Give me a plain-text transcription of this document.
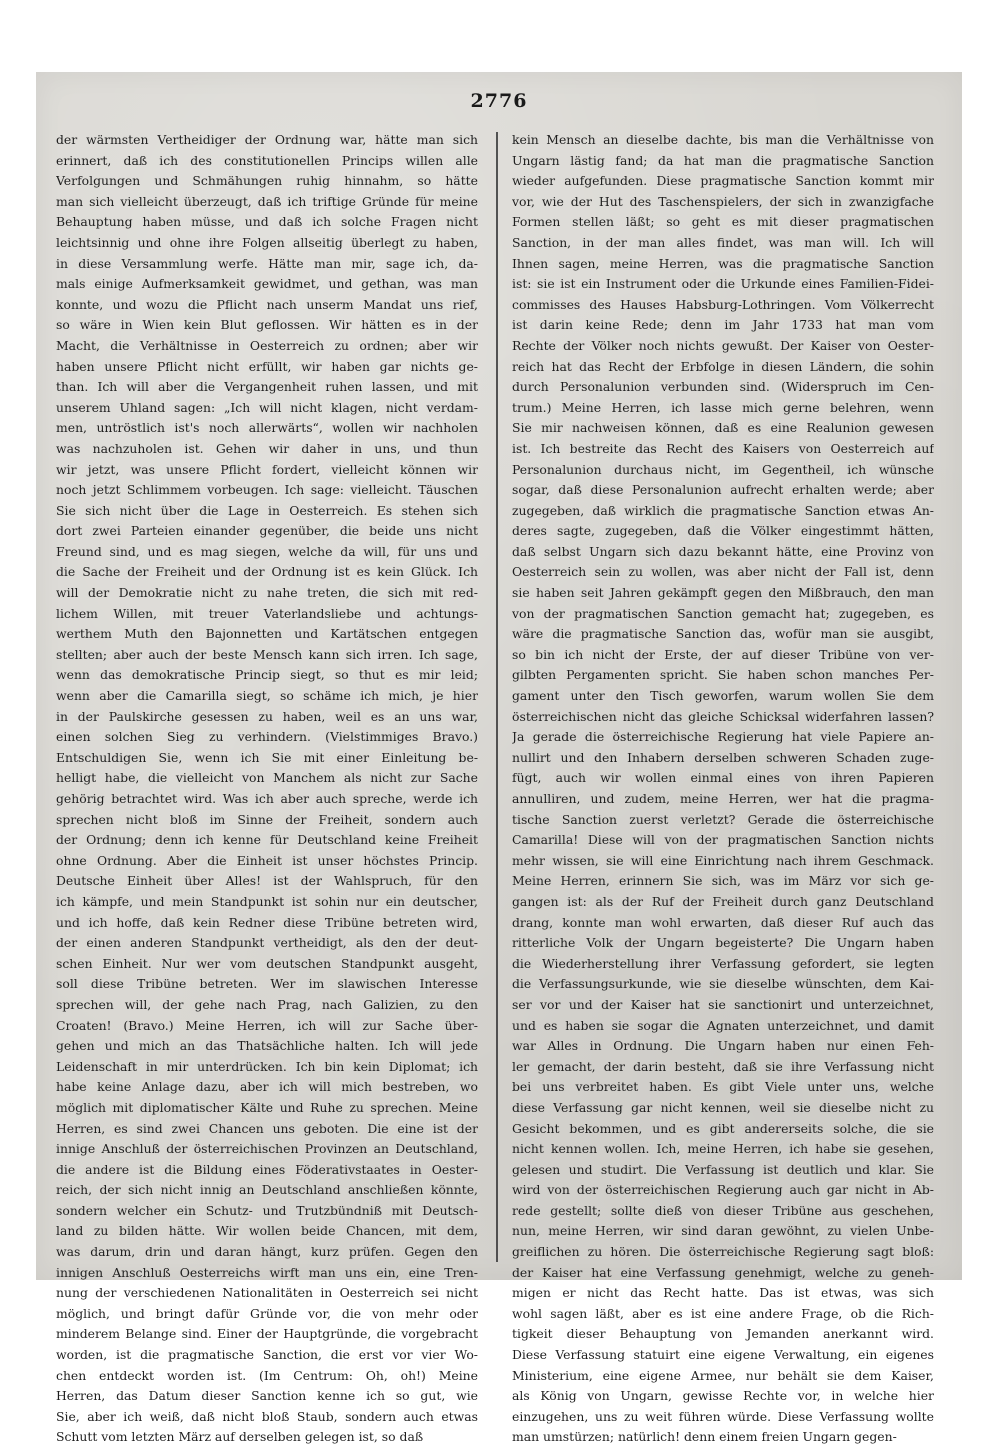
2776
der wärmsten Vertheidiger der Ordnung war, hätte man sich
erinnert, daß ich des constitutionellen Princips willen alle
Verfolgungen und Schmähungen ruhig hinnahm, so hätte
man sich vielleicht überzeugt, daß ich triftige Gründe für meine
Behauptung haben müsse, und daß ich solche Fragen nicht
leichtsinnig und ohne ihre Folgen allseitig überlegt zu haben,
in diese Versammlung werfe. Hätte man mir, sage ich, da-
mals einige Aufmerksamkeit gewidmet, und gethan, was man
konnte, und wozu die Pflicht nach unserm Mandat uns rief,
so wäre in Wien kein Blut geflossen. Wir hätten es in der
Macht, die Verhältnisse in Oesterreich zu ordnen; aber wir
haben unsere Pflicht nicht erfüllt, wir haben gar nichts ge-
than. Ich will aber die Vergangenheit ruhen lassen, und mit
unserem Uhland sagen: „Ich will nicht klagen, nicht verdam-
men, untröstlich ist's noch allerwärts“, wollen wir nachholen
was nachzuholen ist. Gehen wir daher in uns, und thun
wir jetzt, was unsere Pflicht fordert, vielleicht können wir
noch jetzt Schlimmem vorbeugen. Ich sage: vielleicht. Täuschen
Sie sich nicht über die Lage in Oesterreich. Es stehen sich
dort zwei Parteien einander gegenüber, die beide uns nicht
Freund sind, und es mag siegen, welche da will, für uns und
die Sache der Freiheit und der Ordnung ist es kein Glück. Ich
will der Demokratie nicht zu nahe treten, die sich mit red-
lichem Willen, mit treuer Vaterlandsliebe und achtungs-
werthem Muth den Bajonnetten und Kartätschen entgegen
stellten; aber auch der beste Mensch kann sich irren. Ich sage,
wenn das demokratische Princip siegt, so thut es mir leid;
wenn aber die Camarilla siegt, so schäme ich mich, je hier
in der Paulskirche gesessen zu haben, weil es an uns war,
einen solchen Sieg zu verhindern. (Vielstimmiges Bravo.)
Entschuldigen Sie, wenn ich Sie mit einer Einleitung be-
helligt habe, die vielleicht von Manchem als nicht zur Sache
gehörig betrachtet wird. Was ich aber auch spreche, werde ich
sprechen nicht bloß im Sinne der Freiheit, sondern auch
der Ordnung; denn ich kenne für Deutschland keine Freiheit
ohne Ordnung. Aber die Einheit ist unser höchstes Princip.
Deutsche Einheit über Alles! ist der Wahlspruch, für den
ich kämpfe, und mein Standpunkt ist sohin nur ein deutscher,
und ich hoffe, daß kein Redner diese Tribüne betreten wird,
der einen anderen Standpunkt vertheidigt, als den der deut-
schen Einheit. Nur wer vom deutschen Standpunkt ausgeht,
soll diese Tribüne betreten. Wer im slawischen Interesse
sprechen will, der gehe nach Prag, nach Galizien, zu den
Croaten! (Bravo.) Meine Herren, ich will zur Sache über-
gehen und mich an das Thatsächliche halten. Ich will jede
Leidenschaft in mir unterdrücken. Ich bin kein Diplomat; ich
habe keine Anlage dazu, aber ich will mich bestreben, wo
möglich mit diplomatischer Kälte und Ruhe zu sprechen. Meine
Herren, es sind zwei Chancen uns geboten. Die eine ist der
innige Anschluß der österreichischen Provinzen an Deutschland,
die andere ist die Bildung eines Föderativstaates in Oester-
reich, der sich nicht innig an Deutschland anschließen könnte,
sondern welcher ein Schutz- und Trutzbündniß mit Deutsch-
land zu bilden hätte. Wir wollen beide Chancen, mit dem,
was darum, drin und daran hängt, kurz prüfen. Gegen den
innigen Anschluß Oesterreichs wirft man uns ein, eine Tren-
nung der verschiedenen Nationalitäten in Oesterreich sei nicht
möglich, und bringt dafür Gründe vor, die von mehr oder
minderem Belange sind. Einer der Hauptgründe, die vorgebracht
worden, ist die pragmatische Sanction, die erst vor vier Wo-
chen entdeckt worden ist. (Im Centrum: Oh, oh!) Meine
Herren, das Datum dieser Sanction kenne ich so gut, wie
Sie, aber ich weiß, daß nicht bloß Staub, sondern auch etwas
Schutt vom letzten März auf derselben gelegen ist, so daß
kein Mensch an dieselbe dachte, bis man die Verhältnisse von
Ungarn lästig fand; da hat man die pragmatische Sanction
wieder aufgefunden. Diese pragmatische Sanction kommt mir
vor, wie der Hut des Taschenspielers, der sich in zwanzigfache
Formen stellen läßt; so geht es mit dieser pragmatischen
Sanction, in der man alles findet, was man will. Ich will
Ihnen sagen, meine Herren, was die pragmatische Sanction
ist: sie ist ein Instrument oder die Urkunde eines Familien-Fidei-
commisses des Hauses Habsburg-Lothringen. Vom Völkerrecht
ist darin keine Rede; denn im Jahr 1733 hat man vom
Rechte der Völker noch nichts gewußt. Der Kaiser von Oester-
reich hat das Recht der Erbfolge in diesen Ländern, die sohin
durch Personalunion verbunden sind. (Widerspruch im Cen-
trum.) Meine Herren, ich lasse mich gerne belehren, wenn
Sie mir nachweisen können, daß es eine Realunion gewesen
ist. Ich bestreite das Recht des Kaisers von Oesterreich auf
Personalunion durchaus nicht, im Gegentheil, ich wünsche
sogar, daß diese Personalunion aufrecht erhalten werde; aber
zugegeben, daß wirklich die pragmatische Sanction etwas An-
deres sagte, zugegeben, daß die Völker eingestimmt hätten,
daß selbst Ungarn sich dazu bekannt hätte, eine Provinz von
Oesterreich sein zu wollen, was aber nicht der Fall ist, denn
sie haben seit Jahren gekämpft gegen den Mißbrauch, den man
von der pragmatischen Sanction gemacht hat; zugegeben, es
wäre die pragmatische Sanction das, wofür man sie ausgibt,
so bin ich nicht der Erste, der auf dieser Tribüne von ver-
gilbten Pergamenten spricht. Sie haben schon manches Per-
gament unter den Tisch geworfen, warum wollen Sie dem
österreichischen nicht das gleiche Schicksal widerfahren lassen?
Ja gerade die österreichische Regierung hat viele Papiere an-
nullirt und den Inhabern derselben schweren Schaden zuge-
fügt, auch wir wollen einmal eines von ihren Papieren
annulliren, und zudem, meine Herren, wer hat die pragma-
tische Sanction zuerst verletzt? Gerade die österreichische
Camarilla! Diese will von der pragmatischen Sanction nichts
mehr wissen, sie will eine Einrichtung nach ihrem Geschmack.
Meine Herren, erinnern Sie sich, was im März vor sich ge-
gangen ist: als der Ruf der Freiheit durch ganz Deutschland
drang, konnte man wohl erwarten, daß dieser Ruf auch das
ritterliche Volk der Ungarn begeisterte? Die Ungarn haben
die Wiederherstellung ihrer Verfassung gefordert, sie legten
die Verfassungsurkunde, wie sie dieselbe wünschten, dem Kai-
ser vor und der Kaiser hat sie sanctionirt und unterzeichnet,
und es haben sie sogar die Agnaten unterzeichnet, und damit
war Alles in Ordnung. Die Ungarn haben nur einen Feh-
ler gemacht, der darin besteht, daß sie ihre Verfassung nicht
bei uns verbreitet haben. Es gibt Viele unter uns, welche
diese Verfassung gar nicht kennen, weil sie dieselbe nicht zu
Gesicht bekommen, und es gibt andererseits solche, die sie
nicht kennen wollen. Ich, meine Herren, ich habe sie gesehen,
gelesen und studirt. Die Verfassung ist deutlich und klar. Sie
wird von der österreichischen Regierung auch gar nicht in Ab-
rede gestellt; sollte dieß von dieser Tribüne aus geschehen,
nun, meine Herren, wir sind daran gewöhnt, zu vielen Unbe-
greiflichen zu hören. Die österreichische Regierung sagt bloß:
der Kaiser hat eine Verfassung genehmigt, welche zu geneh-
migen er nicht das Recht hatte. Das ist etwas, was sich
wohl sagen läßt, aber es ist eine andere Frage, ob die Rich-
tigkeit dieser Behauptung von Jemanden anerkannt wird.
Diese Verfassung statuirt eine eigene Verwaltung, ein eigenes
Ministerium, eine eigene Armee, nur behält sie dem Kaiser,
als König von Ungarn, gewisse Rechte vor, in welche hier
einzugehen, uns zu weit führen würde. Diese Verfassung wollte
man umstürzen; natürlich! denn einem freien Ungarn gegen-
